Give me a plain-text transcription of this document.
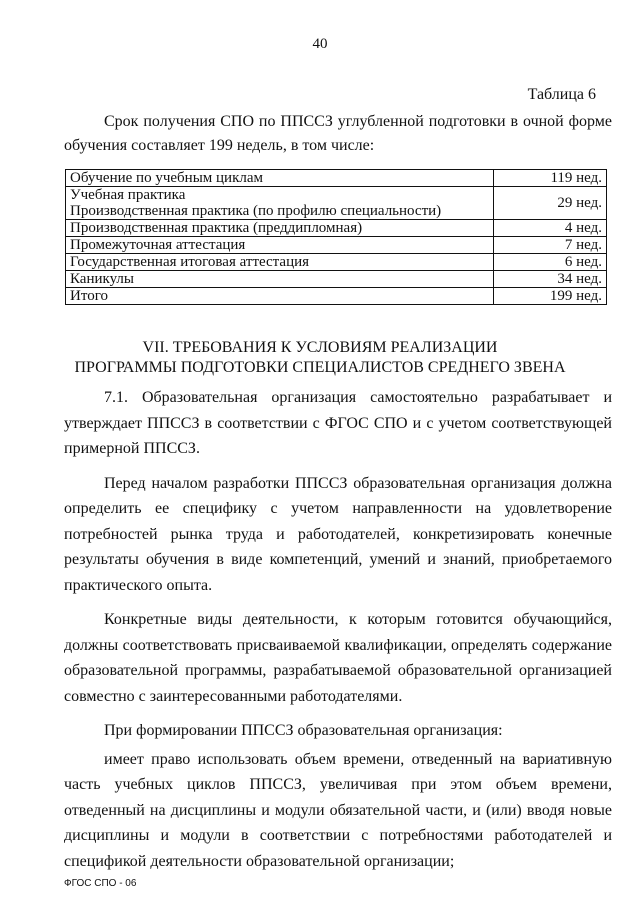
40
Таблица 6

Срок получения СПО по ППССЗ углубленной подготовки в очной форме обучения составляет 199 недель, в том числе:

Обучение по учебным циклам	119 нед.

Учебная практика
Производственная практика (по профилю специальности)	29 нед.

Производственная практика (преддипломная)	4 нед.

Промежуточная аттестация	7 нед.

Государственная итоговая аттестация	6 нед.

Каникулы	34 нед.

Итого	199 нед.
VII. ТРЕБОВАНИЯ К УСЛОВИЯМ РЕАЛИЗАЦИИ
ПРОГРАММЫ ПОДГОТОВКИ СПЕЦИАЛИСТОВ СРЕДНЕГО ЗВЕНА

7.1. Образовательная организация самостоятельно разрабатывает и утверждает ППССЗ в соответствии с ФГОС СПО и с учетом соответствующей примерной ППССЗ.

Перед началом разработки ППССЗ образовательная организация должна определить ее специфику с учетом направленности на удовлетворение потребностей рынка труда и работодателей, конкретизировать конечные результаты обучения в виде компетенций, умений и знаний, приобретаемого практического опыта.

Конкретные виды деятельности, к которым готовится обучающийся, должны соответствовать присваиваемой квалификации, определять содержание образовательной программы, разрабатываемой образовательной организацией совместно с заинтересованными работодателями.

При формировании ППССЗ образовательная организация:

имеет право использовать объем времени, отведенный на вариативную часть учебных циклов ППССЗ, увеличивая при этом объем времени, отведенный на дисциплины и модули обязательной части, и (или) вводя новые дисциплины и модули в соответствии с потребностями работодателей и спецификой деятельности образовательной организации;

ФГОС СПО - 06
